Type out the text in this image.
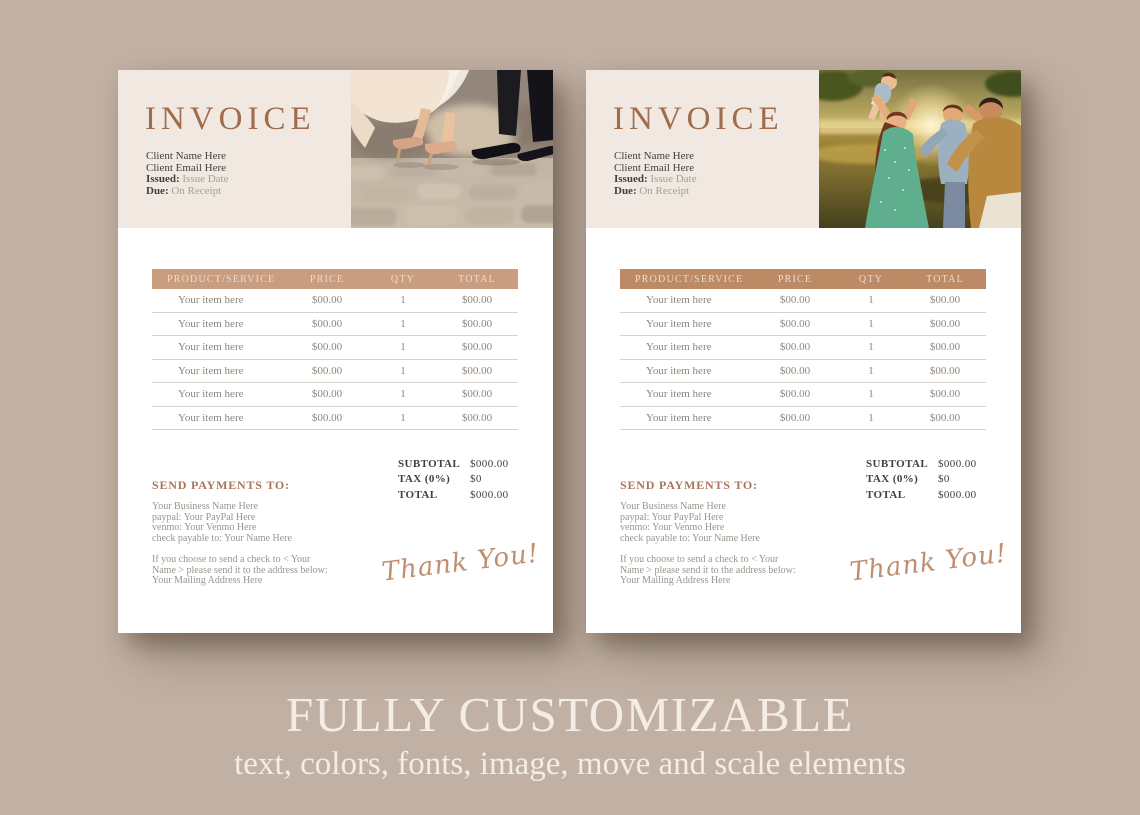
INVOICE
Client Name Here
Client Email Here
Issued: Issue Date
Due: On Receipt
PRODUCT/SERVICE	PRICE	QTY	TOTAL
Your item here	$00.00	1	$00.00
Your item here	$00.00	1	$00.00
Your item here	$00.00	1	$00.00
Your item here	$00.00	1	$00.00
Your item here	$00.00	1	$00.00
Your item here	$00.00	1	$00.00
SUBTOTAL $000.00
TAX (0%)	$0
TOTAL	$000.00
SEND PAYMENTS TO:
Your Business Name Here
paypal: Your PayPal Here
venmo: Your Venmo Here
check payable to: Your Name Here
If you choose to send a check to < Your
Name > please send it to the address below:
Your Mailing Address Here	Thank You!
INVOICE
Client Name Here
Client Email Here
Issued: Issue Date
Due: On Receipt
PRODUCT/SERVICE	PRICE	QTY	TOTAL
Your item here	$00.00	1	$00.00
Your item here	$00.00	1	$00.00
Your item here	$00.00	1	$00.00
Your item here	$00.00	1	$00.00
Your item here	$00.00	1	$00.00
Your item here	$00.00	1	$00.00
SUBTOTAL $000.00
TAX (0%)	$0
TOTAL	$000.00
SEND PAYMENTS TO:
Your Business Name Here
paypal: Your PayPal Here
venmo: Your Venmo Here
check payable to: Your Name Here
If you choose to send a check to < Your
Name > please send it to the address below:
Your Mailing Address Here	Thank You!
FULLY CUSTOMIZABLE
text, colors, fonts, image, move and scale elements
